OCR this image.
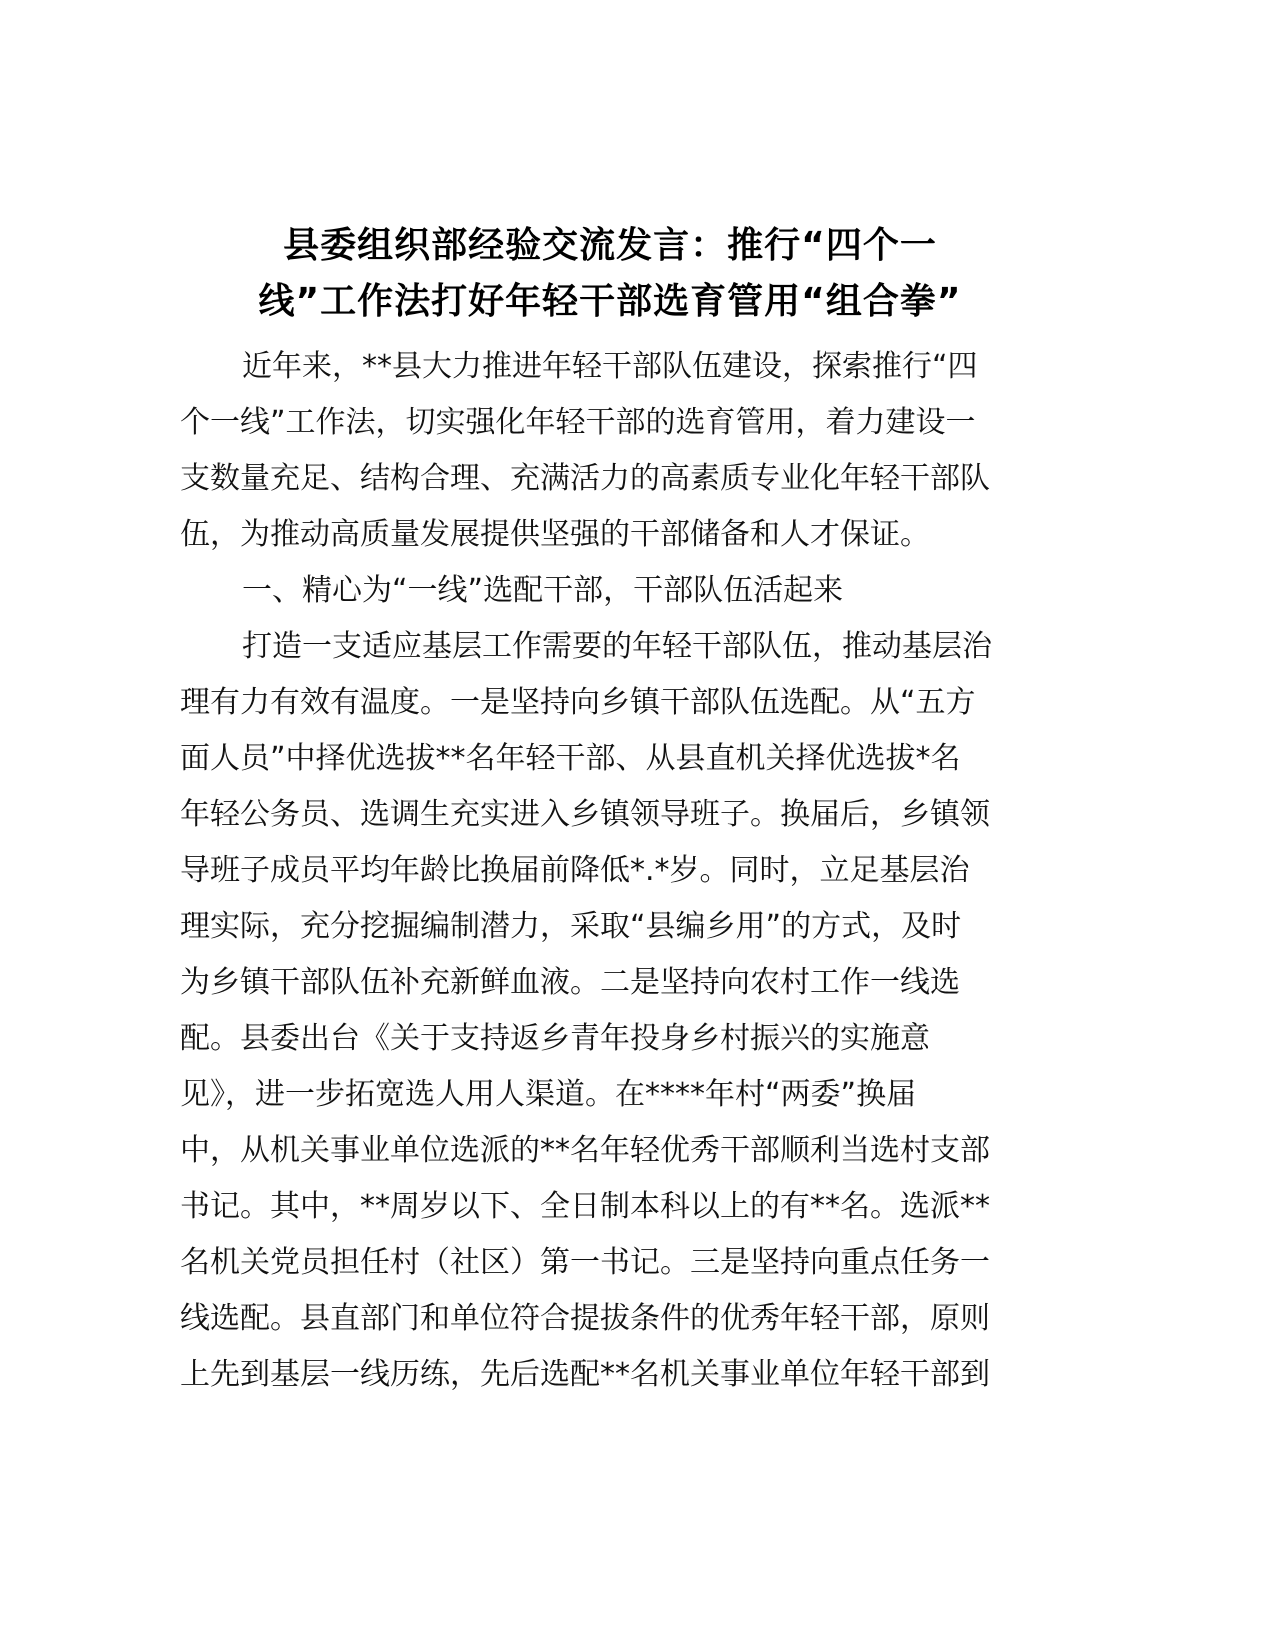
县委组织部经验交流发言：推行“四个一
线”工作法打好年轻干部选育管用“组合拳”
近年来，**县大力推进年轻干部队伍建设，探索推行“四
个一线”工作法，切实强化年轻干部的选育管用，着力建设一
支数量充足、结构合理、充满活力的高素质专业化年轻干部队
伍，为推动高质量发展提供坚强的干部储备和人才保证。
一、精心为“一线”选配干部，干部队伍活起来
打造一支适应基层工作需要的年轻干部队伍，推动基层治
理有力有效有温度。一是坚持向乡镇干部队伍选配。从“五方
面人员”中择优选拔**名年轻干部、从县直机关择优选拔*名
年轻公务员、选调生充实进入乡镇领导班子。换届后，乡镇领
导班子成员平均年龄比换届前降低*.*岁。同时，立足基层治
理实际，充分挖掘编制潜力，采取“县编乡用”的方式，及时
为乡镇干部队伍补充新鲜血液。二是坚持向农村工作一线选
配。县委出台《关于支持返乡青年投身乡村振兴的实施意
见》，进一步拓宽选人用人渠道。在****年村“两委”换届
中，从机关事业单位选派的**名年轻优秀干部顺利当选村支部
书记。其中，**周岁以下、全日制本科以上的有**名。选派**
名机关党员担任村（社区）第一书记。三是坚持向重点任务一
线选配。县直部门和单位符合提拔条件的优秀年轻干部，原则
上先到基层一线历练，先后选配**名机关事业单位年轻干部到
